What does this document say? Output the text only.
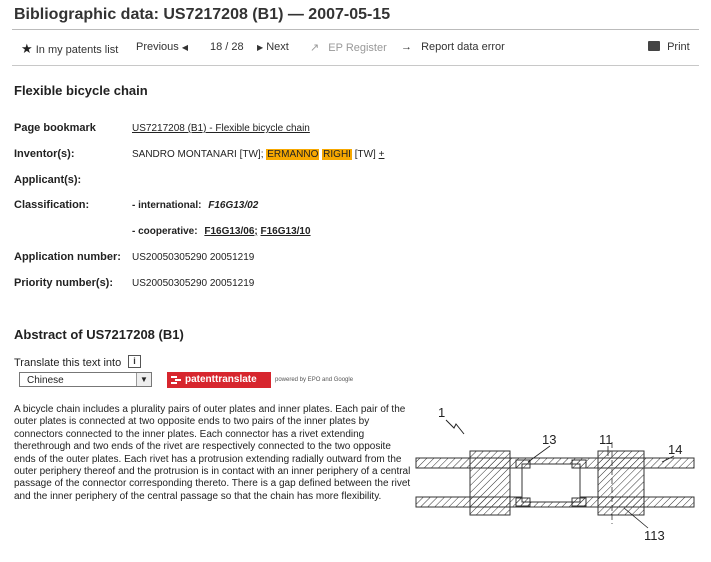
Bibliographic data: US7217208 (B1) — 2007-05-15
★ In my patents list Previous ◀ 18 / 28 ▶ Next ↗ EP Register → Report data error	Print
Flexible bicycle chain
Page bookmark	US7217208 (B1) - Flexible bicycle chain
Inventor(s):	SANDRO MONTANARI [TW]; ERMANNO RIGHI [TW] +
Applicant(s):
Classification:	- international: F16G13/02
- cooperative: F16G13/06; F16G13/10
Application number: US20050305290 20051219
Priority number(s): US20050305290 20051219
Abstract of US7217208 (B1)
Translate this text into	i
Chinese	▼	patenttranslate	powered by EPO and Google
A bicycle chain includes a plurality pairs of outer plates and inner plates. Each pair of the outer plates is connected at two opposite ends to two pairs of the inner plates by connectors connected to the inner plates. Each connector has a rivet extending therethrough and two ends of the rivet are respectively connected to the two opposite ends of the outer plates. Each rivet has a protrusion extending radially outward from the outer periphery thereof and the protrusion is in contact with an inner periphery of a central passage of the connector corresponding thereto. There is a gap defined between the rivet and the inner periphery of the central passage so that the chain has more flexibility.
1
13	11
14
113
